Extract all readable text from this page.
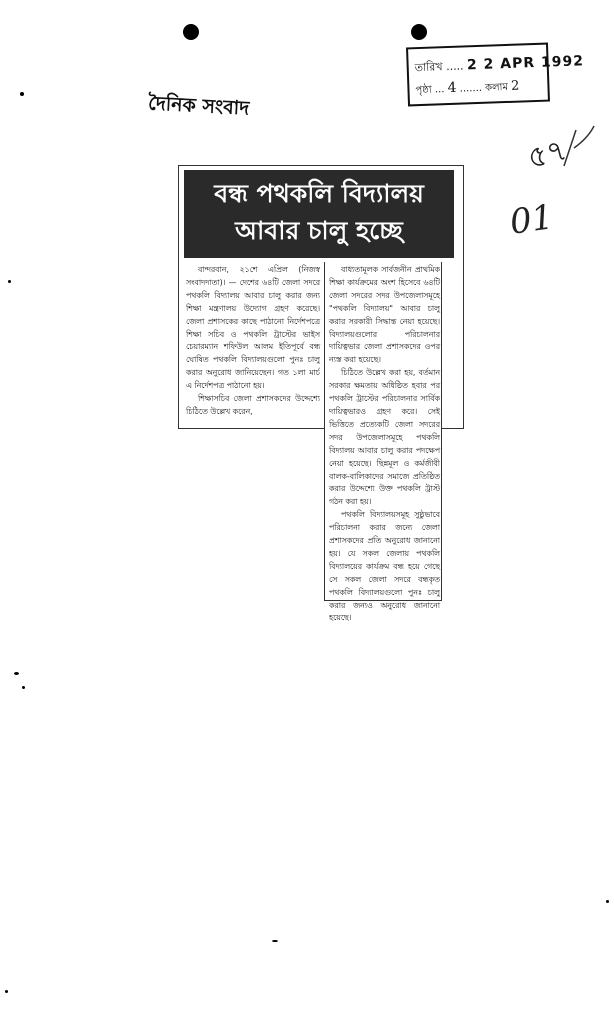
তারিখ ..... 2 2 APR 1992
পৃষ্ঠা ... 4 ....... কলাম 2
দৈনিক সংবাদ
৫৭
01
বন্ধ পথকলি বিদ্যালয়
আবার চালু হচ্ছে

বান্দরবান, ২১শে এপ্রিল (নিজস্ব সংবাদদাতা)। — দেশের ৬৪টি জেলা সদরে পথকলি বিদ্যালয় আবার চালু করার জন্য শিক্ষা মন্ত্রণালয় উদ্যোগ গ্রহণ করেছে। জেলা প্রশাসকের কাছে পাঠানো নির্দেশপত্রে শিক্ষা সচিব ও পথকলি ট্রাস্টের ভাইস চেয়ারম্যান শফিউল আলম ইতিপূর্বে বন্ধ ঘোষিত পথকলি বিদ্যালয়গুলো পুনঃ চালু করার অনুরোধ জানিয়েছেন। গত ১লা মার্চ এ নির্দেশপত্র পাঠানো হয়।

শিক্ষাসচিব জেলা প্রশাসকদের উদ্দেশ্যে চিঠিতে উল্লেখ করেন,

বাধ্যতামূলক সার্বজনীন প্রাথমিক শিক্ষা কার্যক্রমের অংশ হিসেবে ৬৪টি জেলা সদরের সদর উপজেলাসমূহে "পথকলি বিদ্যালয়" আবার চালু করার সরকারী সিদ্ধান্ত নেয়া হয়েছে। বিদ্যালয়গুলোর পরিচালনার দায়িত্বভার জেলা প্রশাসকদের ওপর ন্যস্ত করা হয়েছে।

চিঠিতে উল্লেখ করা হয়, বর্তমান সরকার ক্ষমতায় অধিষ্ঠিত হবার পর পথকলি ট্রাস্টের পরিচালনার সার্বিক দায়িত্বভারও গ্রহণ করে। সেই ভিত্তিতে প্রত্যেকটি জেলা সদরের সদর উপজেলাসমূহে পথকলি বিদ্যালয় আবার চালু করার পদক্ষেপ নেয়া হয়েছে। ছিন্নমূল ও কর্মজীবী বালক-বালিকাদের সমাজে প্রতিষ্ঠিত করার উদ্দেশ্যে উক্ত পথকলি ট্রাস্ট গঠন করা হয়।

পথকলি বিদ্যালয়সমূহ সুষ্ঠুভাবে পরিচালনা করার জন্যে জেলা প্রশাসকদের প্রতি অনুরোধ জানানো হয়। যে সকল জেলায় পথকলি বিদ্যালয়ের কার্যক্রম বন্ধ হয়ে গেছে সে সকল জেলা সদরে বন্ধকৃত পথকলি বিদ্যালয়গুলো পুনঃ চালু করার জন্যও অনুরোধ জানানো হয়েছে।
